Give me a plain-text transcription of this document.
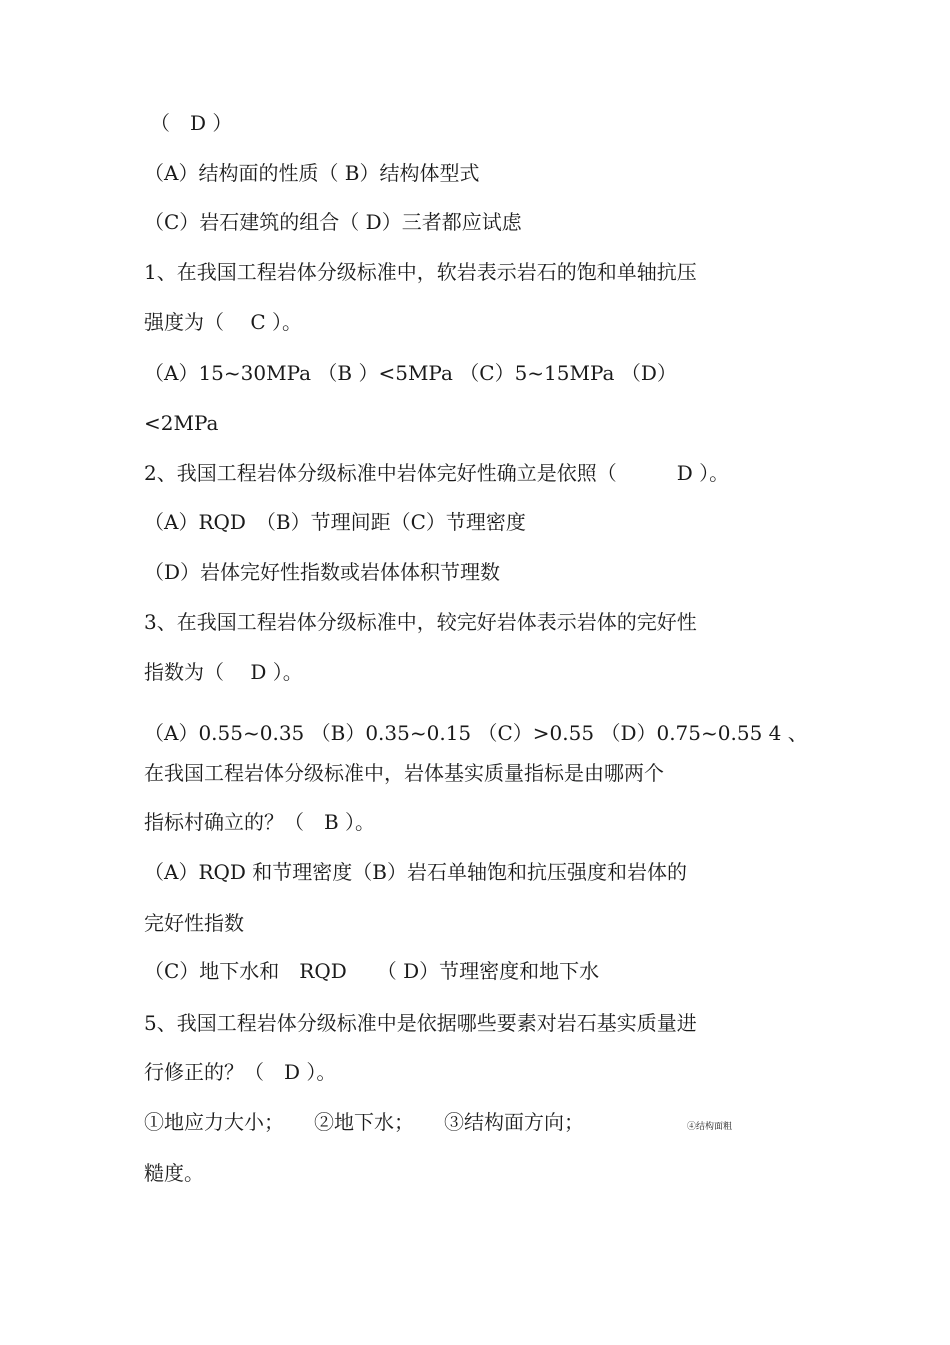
（　D ）
（A）结构面的性质（ B）结构体型式
（C）岩石建筑的组合（ D）三者都应试虑
1、在我国工程岩体分级标准中，软岩表示岩石的饱和单轴抗压
强度为（　 C ）。
（A）15~30MPa （B ）<5MPa （C）5~15MPa （D）
<2MPa
2、我国工程岩体分级标准中岩体完好性确立是依照（　　　D ）。
（A）RQD　（B）节理间距（C）节理密度
（D）岩体完好性指数或岩体体积节理数
3、在我国工程岩体分级标准中，较完好岩体表示岩体的完好性
指数为（　 D ）。
（A）0.55~0.35 （B）0.35~0.15 （C）>0.55 （D）0.75~0.55 4 、
在我国工程岩体分级标准中，岩体基实质量指标是由哪两个
指标村确立的？（　B ）。
（A）RQD 和节理密度（B）岩石单轴饱和抗压强度和岩体的
完好性指数
（C）地下水和　RQD　　（ D）节理密度和地下水
5、我国工程岩体分级标准中是依据哪些要素对岩石基实质量进
行修正的？（　D ）。
①地应力大小；　　②地下水；　　③结构面方向；	④结构面粗
糙度。
